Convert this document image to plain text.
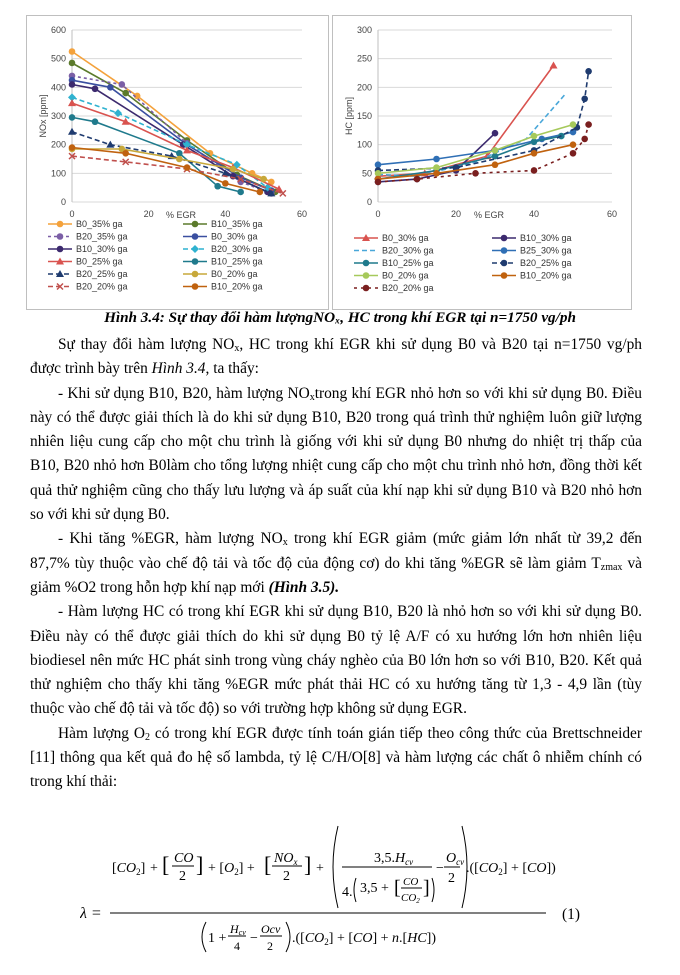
0
100
200
300
400
500
600
0	20	40	60
% EGR
NOx [ppm]
B0_35% ga	B10_35% ga
B20_35% ga	B0_30% ga
B10_30% ga	B20_30% ga
B0_25% ga	B10_25% ga
B20_25% ga	B0_20% ga
B20_20% ga	B10_20% ga
0
50
100
150
200
250
300
0	20	40	60
% EGR
HC [ppm]
B0_30% ga	B10_30% ga
B20_30% ga	B25_30% ga
B10_25% ga	B20_25% ga
B0_20% ga	B10_20% ga
B20_20% ga
Hình 3.4: Sự thay đổi hàm lượngNOₓ, HC trong khí EGR tại n=1750 vg/ph

Sự thay đổi hàm lượng $NO_x$, HC trong khí EGR khi sử dụng B0 và B20 tại n=1750 vg/ph được trình bày trên Hình 3.4, ta thấy:

- Khi sử dụng B10, B20, hàm lượng $NO_xtrong$ khí EGR nhỏ hơn so với khi sử dụng B0. Điều này có thể được giải thích là do khi sử dụng B10, B20 trong quá trình thử nghiệm luôn giữ lượng nhiên liệu cung cấp cho một chu trình là giống với khi sử dụng B0 nhưng do nhiệt trị thấp của B10, B20 nhỏ hơn B0làm cho tổng lượng nhiệt cung cấp cho một chu trình nhỏ hơn, đồng thời kết quả thử nghiệm cũng cho thấy lưu lượng và áp suất của khí nạp khi sử dụng B10 và B20 nhỏ hơn so với khi sử dụng B0.

- Khi tăng %EGR, hàm lượng $NO_x$ trong khí EGR giảm (mức giảm lớn nhất từ 39,2 đến 87,7% tùy thuộc vào chế độ tải và tốc độ của động cơ) do khi tăng %EGR sẽ làm giảm $T_{zmax}$ và giảm %O2 trong hỗn hợp khí nạp mới (Hình 3.5).

- Hàm lượng HC có trong khí EGR khi sử dụng B10, B20 là nhỏ hơn so với khi sử dụng B0. Điều này có thể được giải thích do khi sử dụng B0 tỷ lệ A/F có xu hướng lớn hơn nhiên liệu biodiesel nên mức HC phát sinh trong vùng cháy nghèo của B0 lớn hơn so với B10, B20. Kết quả thử nghiệm cho thấy khi tăng %EGR mức phát thải HC có xu hướng tăng từ 1,3 - 4,9 lần (tùy thuộc vào chế độ tải và tốc độ) so với trường hợp không sử dụng EGR.

Hàm lượng $O_2$ có trong khí EGR được tính toán gián tiếp theo công thức của Brettschneider [11] thông qua kết quả đo hệ số lambda, tỷ lệ C/H/O[8] và hàm lượng các chất ô nhiễm chính có trong khí thải:

λ =
$[CO_2]$ + [ CO
2 ] + $[O_2]$ + [ $NO_x$
2 ] +
$3,5.H_{cv}$
4. 3,5 + [ CO
CO2
]
−
$O_{cv}$
2
$.([CO_2] + [CO])$
1 +
Hcv
4 −
Ocv
2 $.([CO_2] + [CO] + n.[HC])$
(1)
